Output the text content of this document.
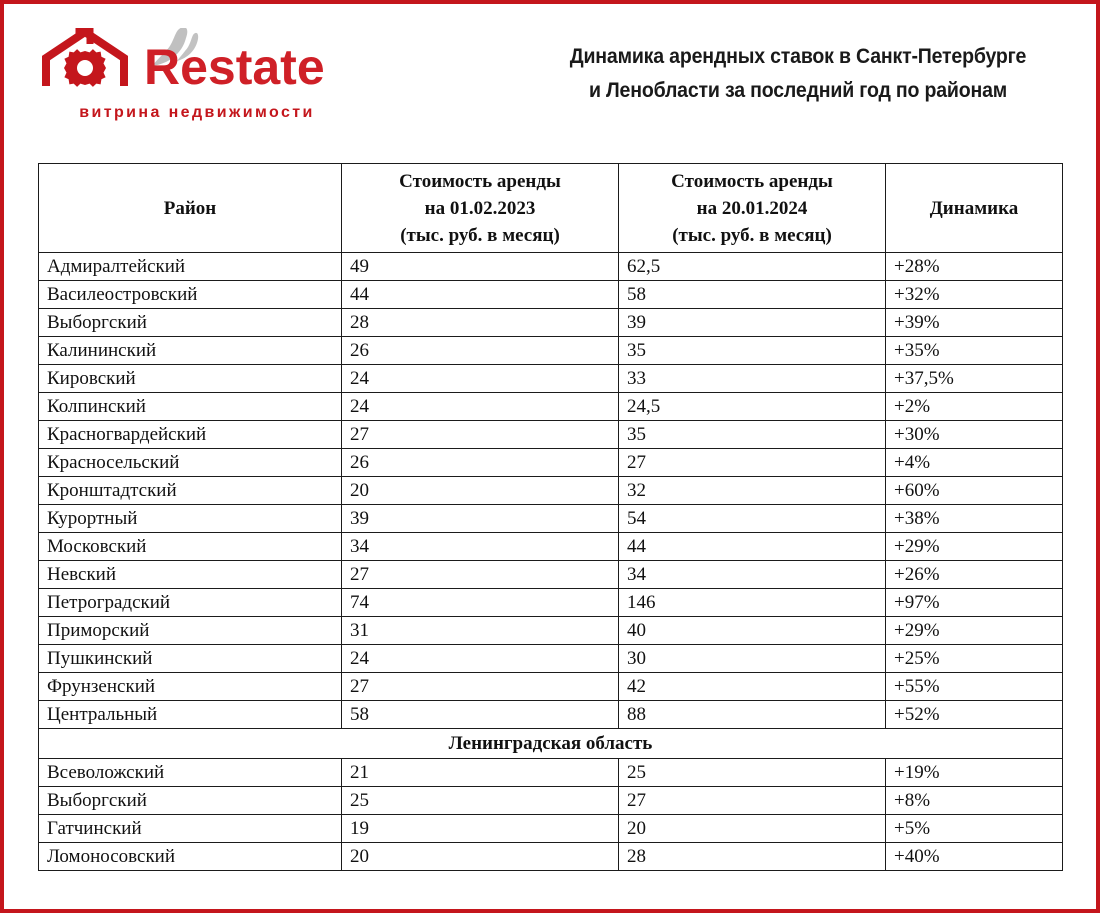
Restate
витрина недвижимости
Динамика арендных ставок в Санкт-Петербурге
и Ленобласти за последний год по районам
Район	Стоимость аренды
на 01.02.2023
(тыс. руб. в месяц)	Стоимость аренды
на 20.01.2024
(тыс. руб. в месяц)	Динамика

Адмиралтейский	49	62,5	+28%
Василеостровский	44	58	+32%
Выборгский	28	39	+39%
Калининский	26	35	+35%
Кировский	24	33	+37,5%
Колпинский	24	24,5	+2%
Красногвардейский	27	35	+30%
Красносельский	26	27	+4%
Кронштадтский	20	32	+60%
Курортный	39	54	+38%
Московский	34	44	+29%
Невский	27	34	+26%
Петроградский	74	146	+97%
Приморский	31	40	+29%
Пушкинский	24	30	+25%
Фрунзенский	27	42	+55%
Центральный	58	88	+52%
Ленинградская область			
Всеволожский	21	25	+19%
Выборгский	25	27	+8%
Гатчинский	19	20	+5%
Ломоносовский	20	28	+40%
